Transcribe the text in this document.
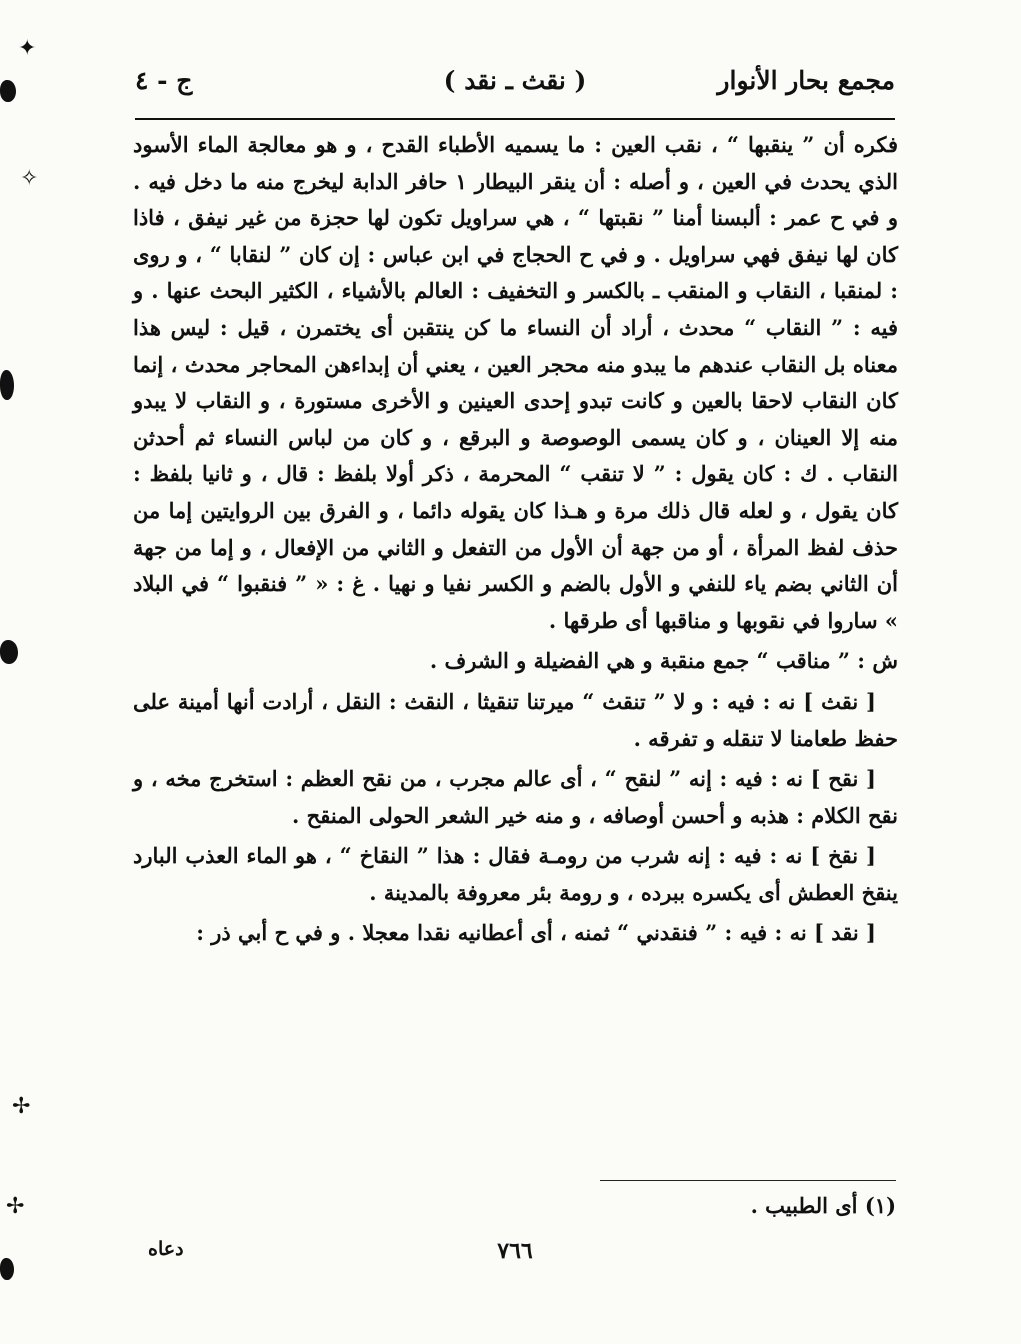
مجمع بحار الأنوار
( نقث ـ نقد )
ج - ٤

فكره أن ” ينقبها “ ، نقب العين : ما يسميه الأطباء القدح ، و هو معالجة الماء الأسود الذي يحدث في العين ، و أصله : أن ينقر البيطار ١ حافر الدابة ليخرج منه ما دخل فيه . و في ح عمر : ألبسنا أمنا ” نقبتها “ ، هي سراويل تكون لها حجزة من غير نيفق ، فاذا كان لها نيفق فهي سراويل . و في ح الحجاج في ابن عباس : إن كان ” لنقابا “ ، و روى : لمنقبا ، النقاب و المنقب ـ بالكسر و التخفيف : العالم بالأشياء ، الكثير البحث عنها . و فيه : ” النقاب “ محدث ، أراد أن النساء ما كن ينتقبن أى يختمرن ، قيل : ليس هذا معناه بل النقاب عندهم ما يبدو منه محجر العين ، يعني أن إبداءهن المحاجر محدث ، إنما كان النقاب لاحقا بالعين و كانت تبدو إحدى العينين و الأخرى مستورة ، و النقاب لا يبدو منه إلا العينان ، و كان يسمى الوصوصة و البرقع ، و كان من لباس النساء ثم أحدثن النقاب . ك : كان يقول : ” لا تنقب “ المحرمة ، ذكر أولا بلفظ : قال ، و ثانيا بلفظ : كان يقول ، و لعله قال ذلك مرة و هـذا كان يقوله دائما ، و الفرق بين الروايتين إما من حذف لفظ المرأة ، أو من جهة أن الأول من التفعل و الثاني من الإفعال ، و إما من جهة أن الثاني بضم ياء للنفي و الأول بالضم و الكسر نفيا و نهيا . غ : « ” فنقبوا “ في البلاد » ساروا في نقوبها و مناقبها أى طرقها .

ش : ” مناقب “ جمع منقبة و هي الفضيلة و الشرف .

[ نقث ] نه : فيه : و لا ” تنقث “ ميرتنا تنقيثا ، النقث : النقل ، أرادت أنها أمينة على حفظ طعامنا لا تنقله و تفرقه .

[ نقح ] نه : فيه : إنه ” لنقح “ ، أى عالم مجرب ، من نقح العظم : استخرج مخه ، و نقح الكلام : هذبه و أحسن أوصافه ، و منه خير الشعر الحولى المنقح .

[ نقخ ] نه : فيه : إنه شرب من رومـة فقال : هذا ” النقاخ “ ، هو الماء العذب البارد ينقخ العطش أى يكسره ببرده ، و رومة بئر معروفة بالمدينة .

[ نقد ] نه : فيه : ” فنقدني “ ثمنه ، أى أعطانيه نقدا معجلا . و في ح أبي ذر :

(١) أى الطبيب .
دعاه	٧٦٦
✦
✧
✢
✢
